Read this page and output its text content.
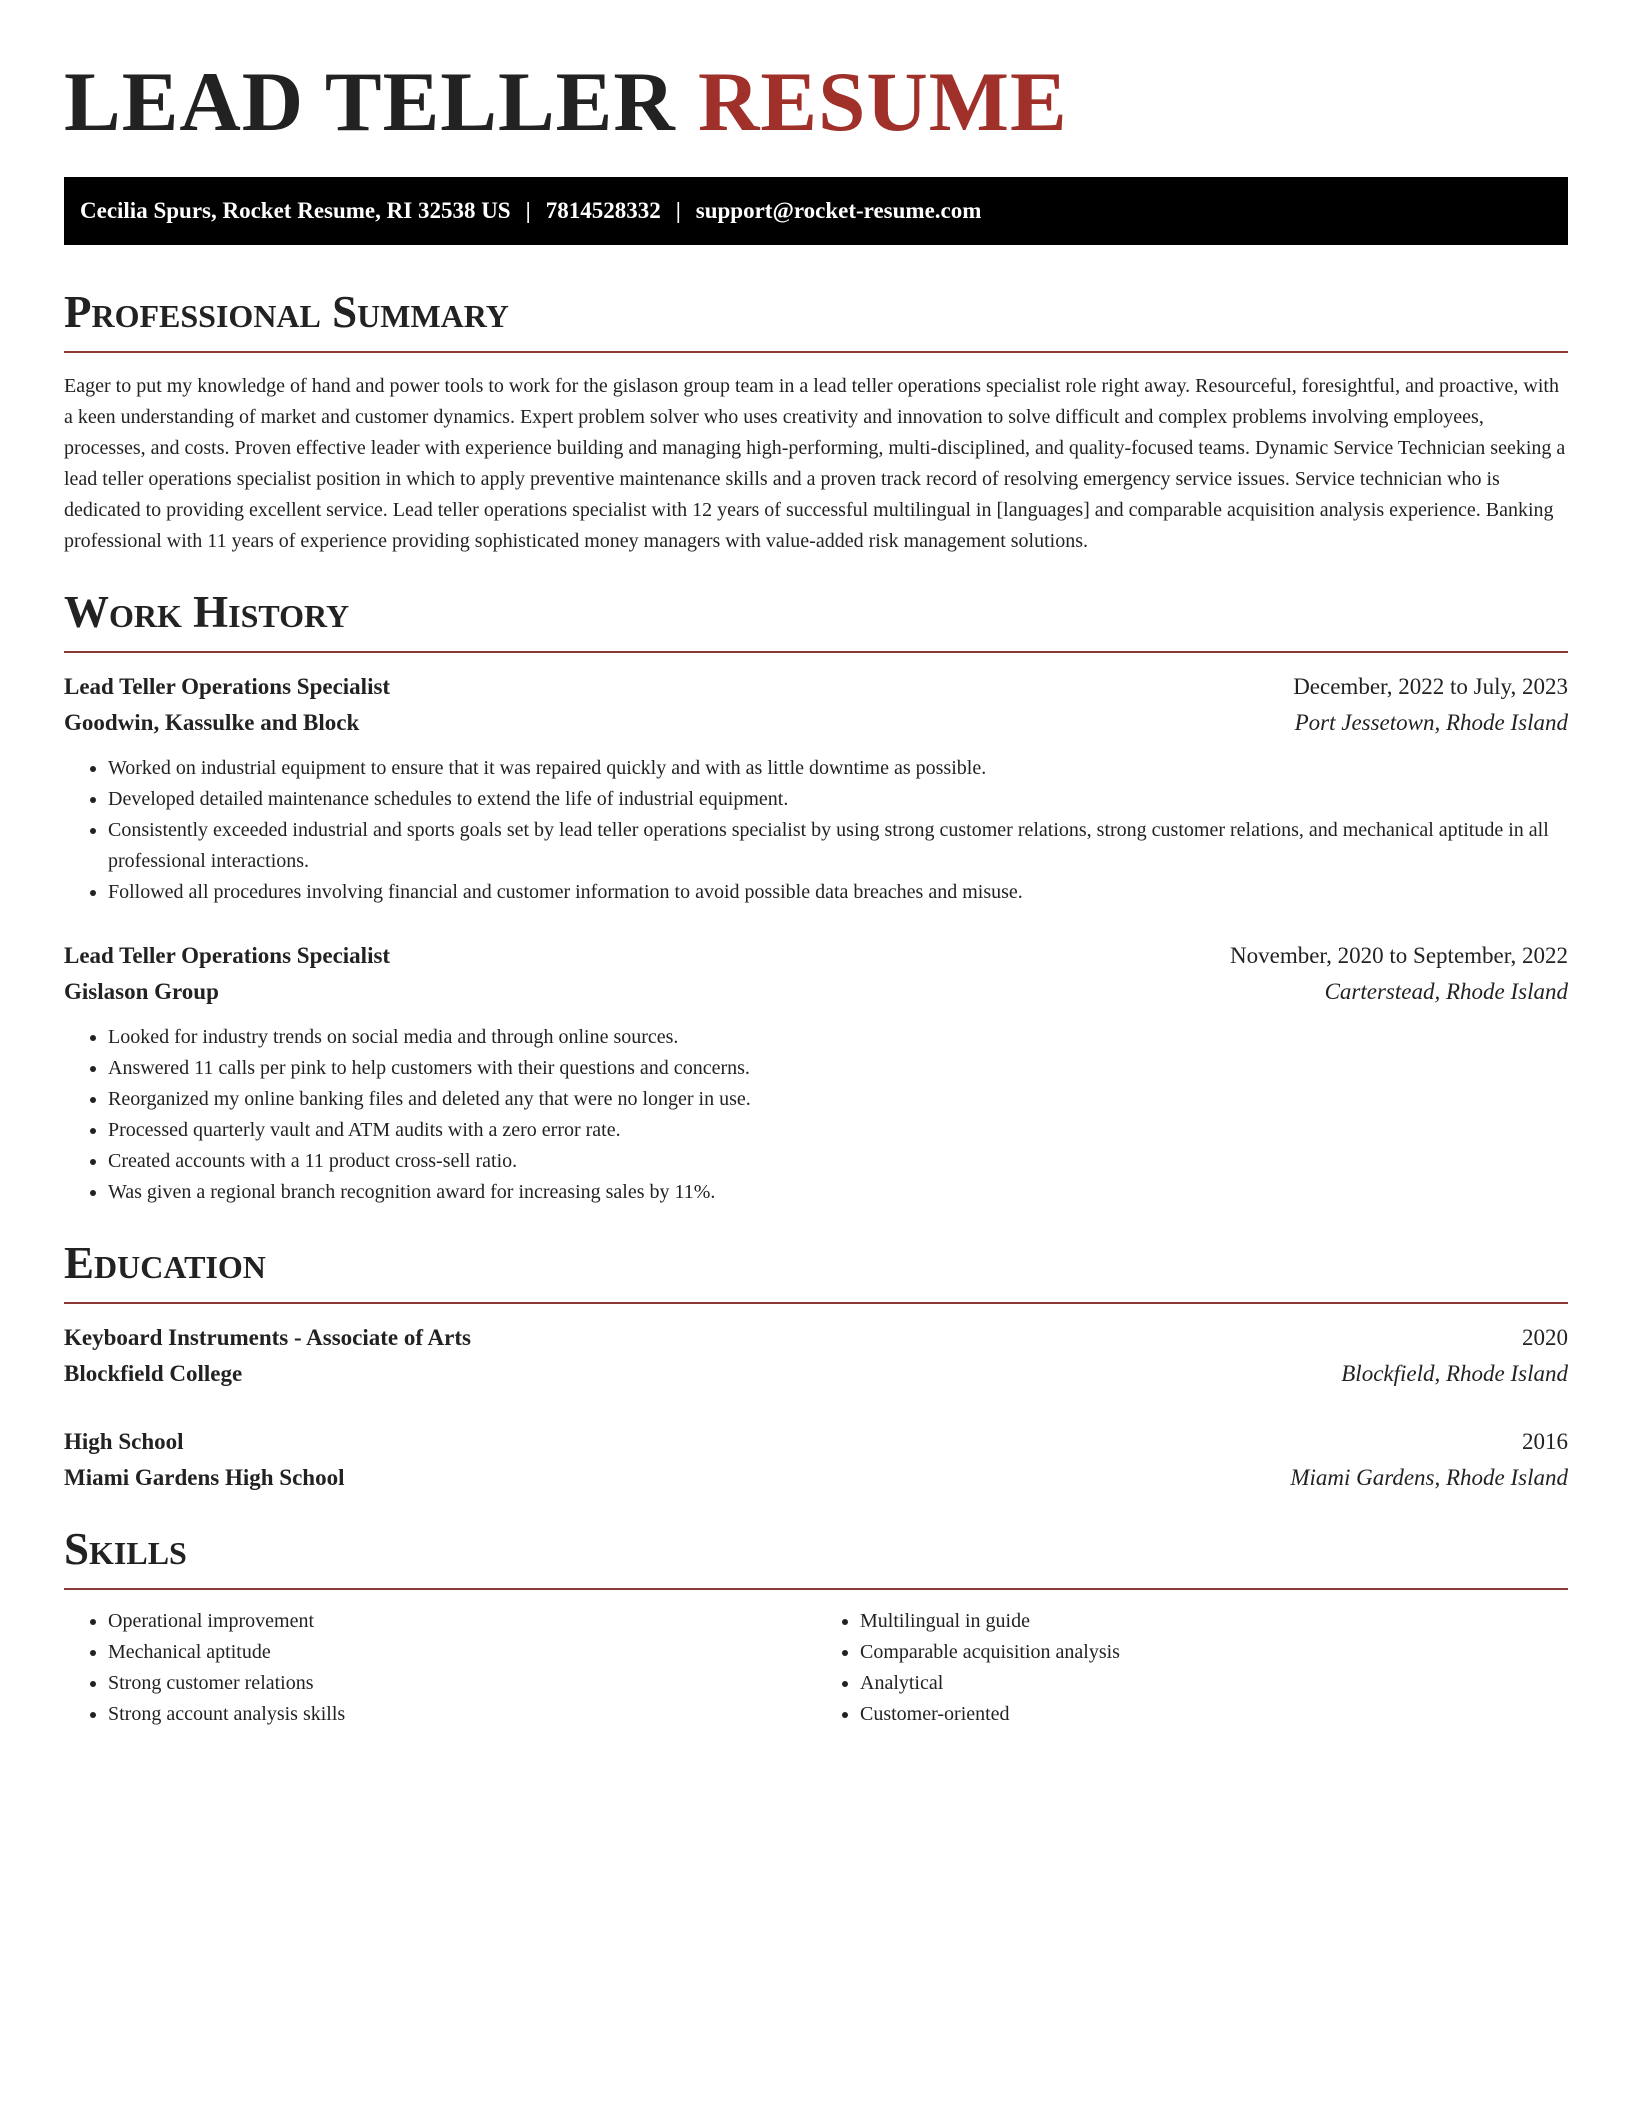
LEAD TELLER RESUME
Cecilia Spurs, Rocket Resume, RI 32538 US | 7814528332 | support@rocket-resume.com
Professional Summary

Eager to put my knowledge of hand and power tools to work for the gislason group team in a lead teller operations specialist role right away. Resourceful, foresightful, and proactive, with a keen understanding of market and customer dynamics. Expert problem solver who uses creativity and innovation to solve difficult and complex problems involving employees, processes, and costs. Proven effective leader with experience building and managing high-performing, multi-disciplined, and quality-focused teams. Dynamic Service Technician seeking a lead teller operations specialist position in which to apply preventive maintenance skills and a proven track record of resolving emergency service issues. Service technician who is dedicated to providing excellent service. Lead teller operations specialist with 12 years of successful multilingual in [languages] and comparable acquisition analysis experience. Banking professional with 11 years of experience providing sophisticated money managers with value-added risk management solutions.

Work History
Lead Teller Operations Specialist	December, 2022 to July, 2023
Goodwin, Kassulke and Block	Port Jessetown, Rhode Island
• Worked on industrial equipment to ensure that it was repaired quickly and with as little downtime as possible.
• Developed detailed maintenance schedules to extend the life of industrial equipment.
• Consistently exceeded industrial and sports goals set by lead teller operations specialist by using strong customer relations, strong customer relations, and mechanical aptitude in all professional interactions.
• Followed all procedures involving financial and customer information to avoid possible data breaches and misuse.
Lead Teller Operations Specialist	November, 2020 to September, 2022
Gislason Group	Carterstead, Rhode Island
• Looked for industry trends on social media and through online sources.
• Answered 11 calls per pink to help customers with their questions and concerns.
• Reorganized my online banking files and deleted any that were no longer in use.
• Processed quarterly vault and ATM audits with a zero error rate.
• Created accounts with a 11 product cross-sell ratio.
• Was given a regional branch recognition award for increasing sales by 11%.
Education
Keyboard Instruments - Associate of Arts	2020
Blockfield College	Blockfield, Rhode Island
High School	2016
Miami Gardens High School	Miami Gardens, Rhode Island
Skills
• Operational improvement
• Mechanical aptitude
• Strong customer relations
• Strong account analysis skills
• Multilingual in guide
• Comparable acquisition analysis
• Analytical
• Customer-oriented
